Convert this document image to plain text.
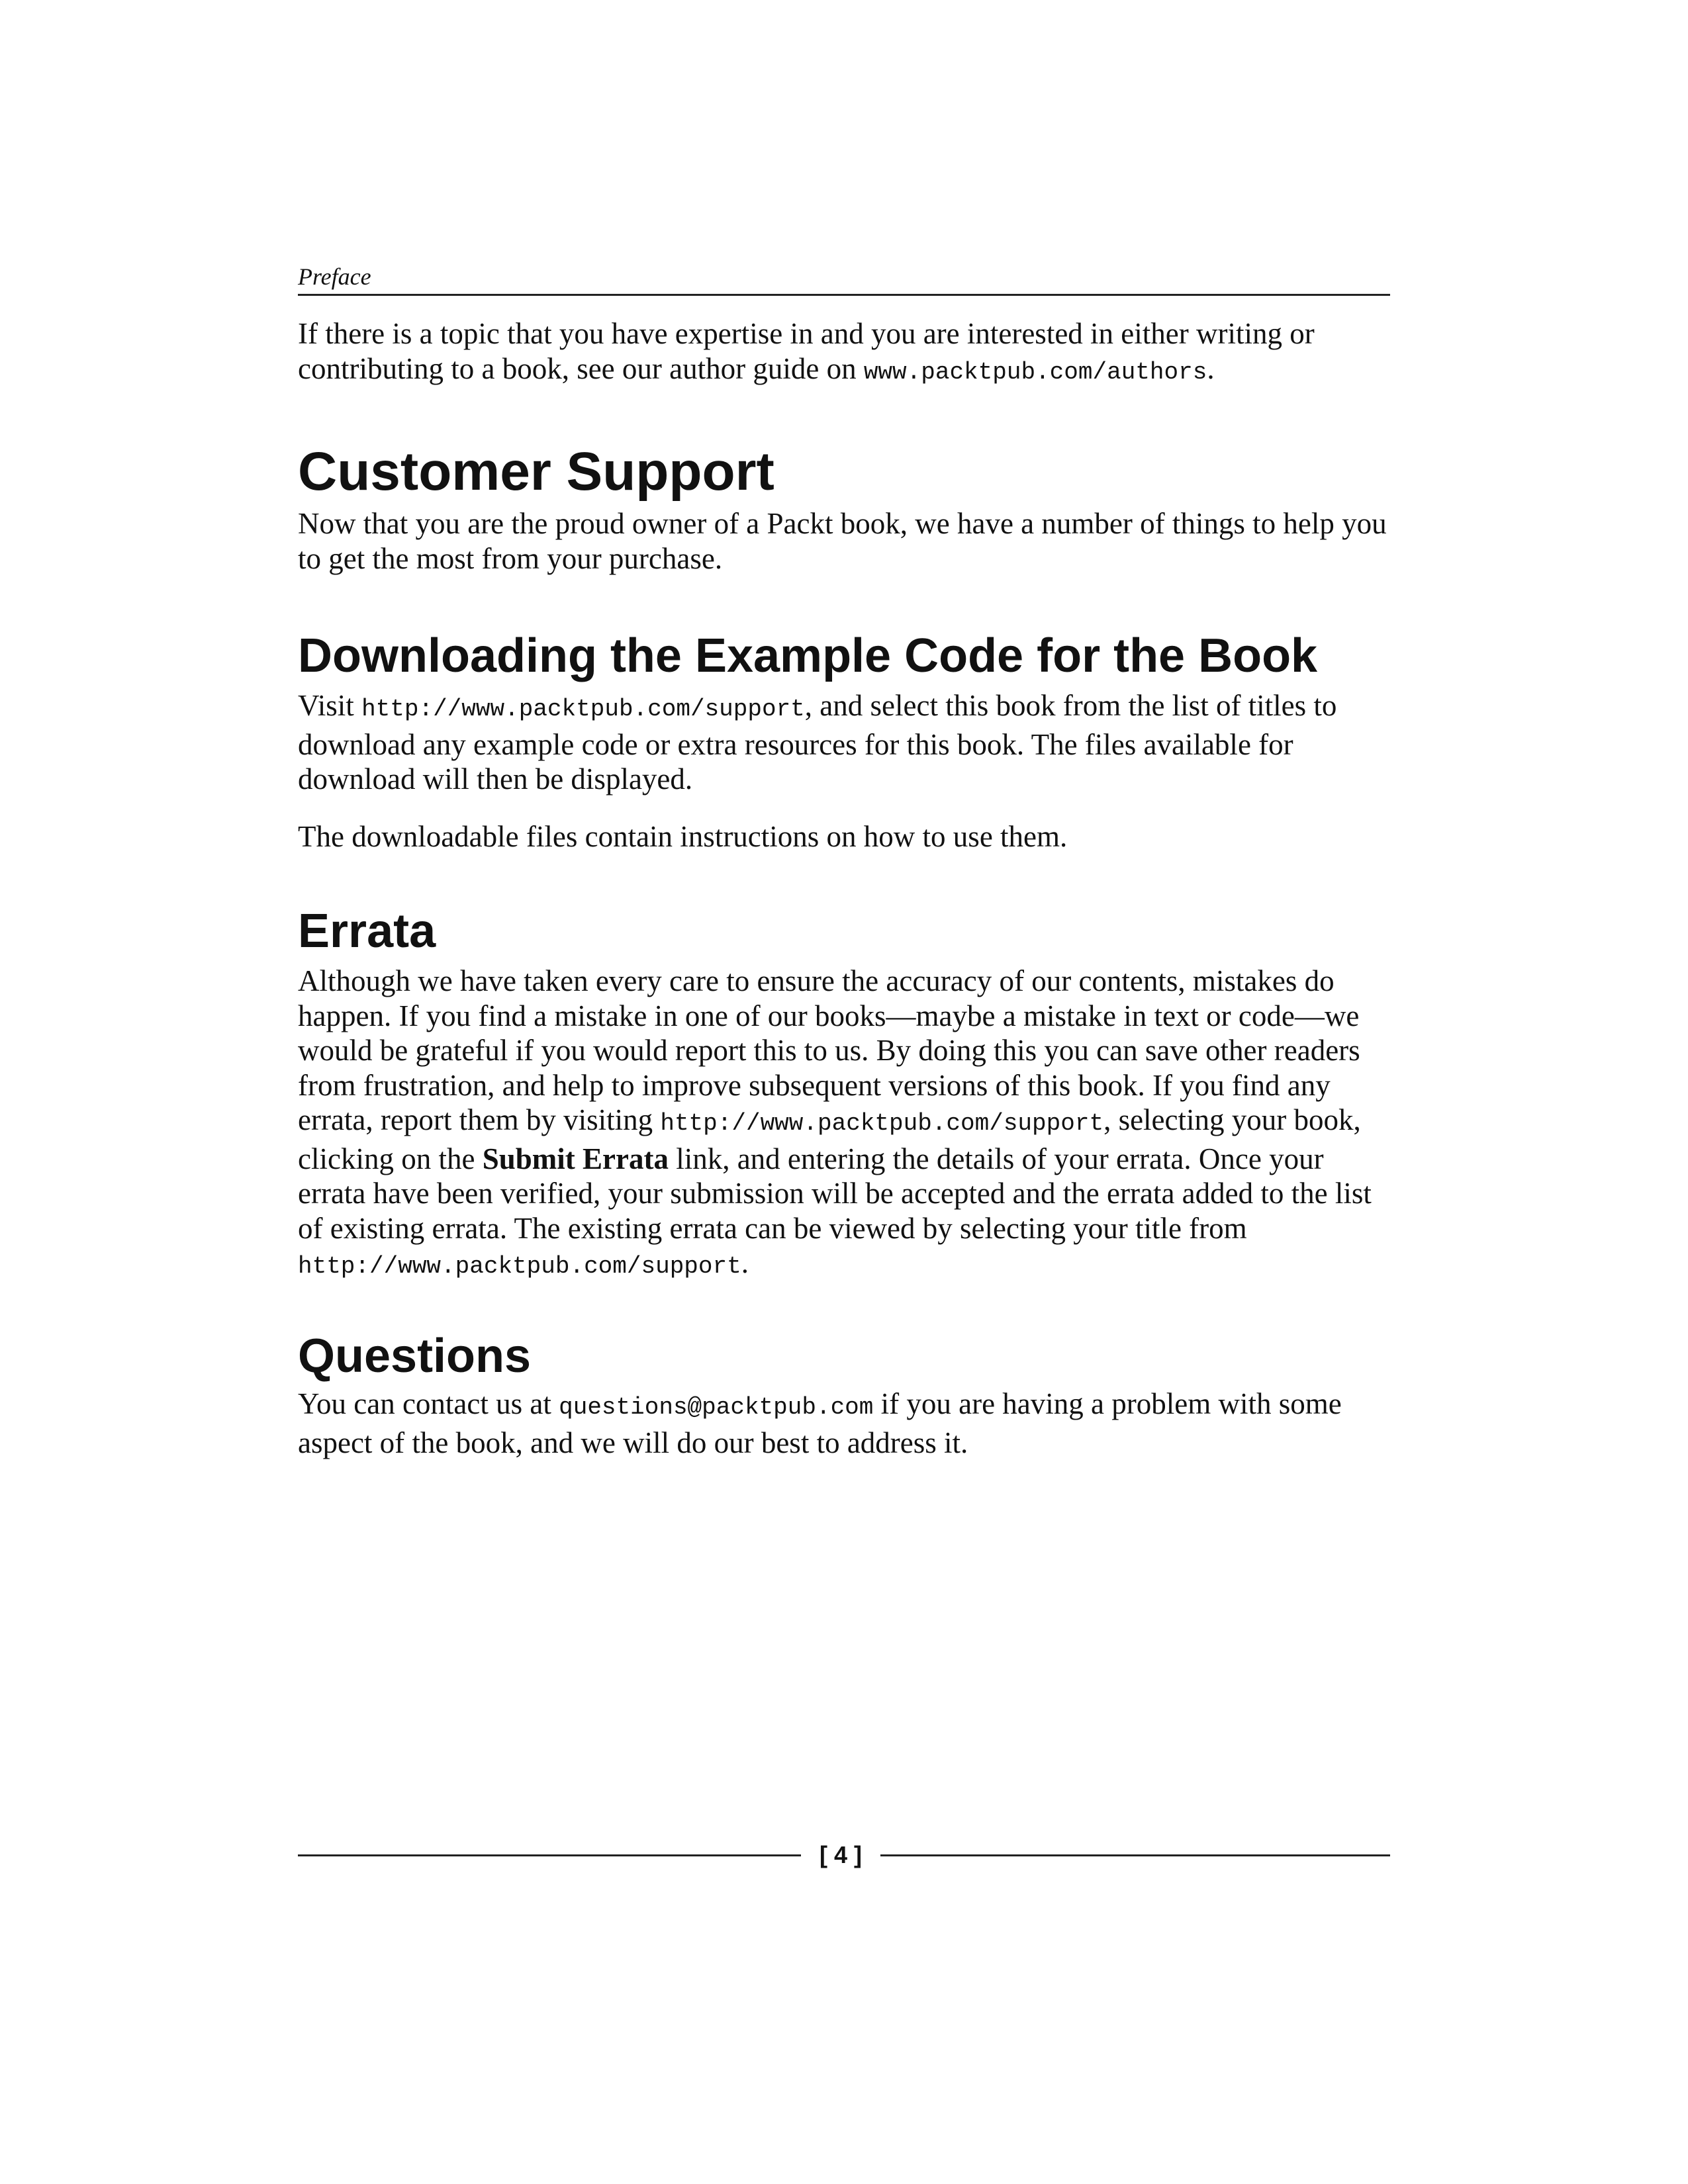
Preface

If there is a topic that you have expertise in and you are interested in either writing or contributing to a book, see our author guide on www.packtpub.com/authors.

Customer Support

Now that you are the proud owner of a Packt book, we have a number of things to help you to get the most from your purchase.

Downloading the Example Code for the Book

Visit http://www.packtpub.com/support, and select this book from the list of titles to download any example code or extra resources for this book. The files available for download will then be displayed.

The downloadable files contain instructions on how to use them.

Errata

Although we have taken every care to ensure the accuracy of our contents, mistakes do happen. If you find a mistake in one of our books—maybe a mistake in text or code—we would be grateful if you would report this to us. By doing this you can save other readers from frustration, and help to improve subsequent versions of this book. If you find any errata, report them by visiting http://www.packtpub.com/support, selecting your book, clicking on the Submit Errata link, and entering the details of your errata. Once your errata have been verified, your submission will be accepted and the errata added to the list of existing errata. The existing errata can be viewed by selecting your title from http://www.packtpub.com/support.

Questions

You can contact us at questions@packtpub.com if you are having a problem with some aspect of the book, and we will do our best to address it.

[ 4 ]
